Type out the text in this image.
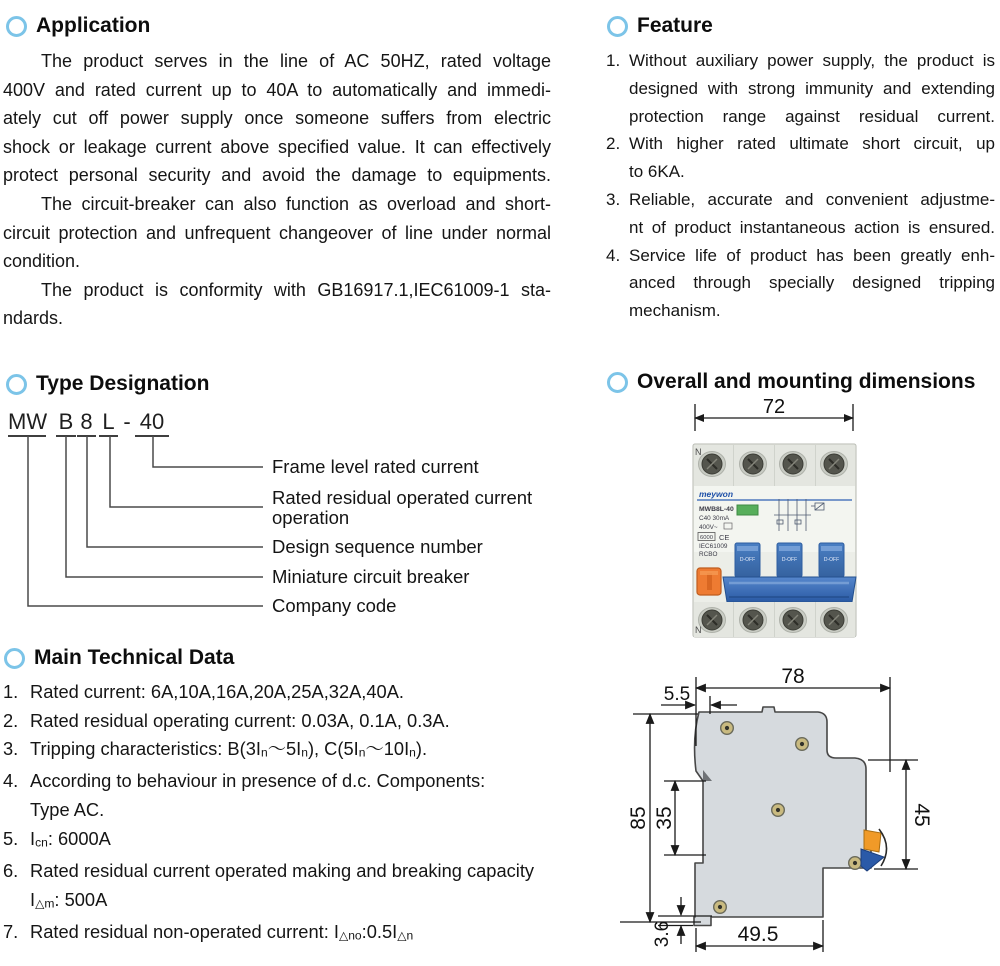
Application
The product serves in the line of AC 50HZ, rated voltage
400V and rated current up to 40A to automatically and immedi-
ately cut off power supply once someone suffers from electric
shock or leakage current above specified value. It can effectively
protect personal security and avoid the damage to equipments.
The circuit-breaker can also function as overload and short-
circuit protection and unfrequent changeover of line under normal
condition.
The product is conformity with GB16917.1,IEC61009-1 sta-
ndards.
Feature
1. Without auxiliary power supply, the product is
designed with strong immunity and extending
protection range against residual current.
2. With higher rated ultimate short circuit, up
to 6KA.
3. Reliable, accurate and convenient adjustme-
nt of product instantaneous action is ensured.
4. Service life of product has been greatly enh-
anced through specially designed tripping
mechanism.
Type Designation
MW B 8 L - 40
Frame level rated current
Rated residual operated current
operation
Design sequence number
Miniature circuit breaker
Company code
Overall and mounting dimensions
72
N
meywon
MWB8L-40
C40 30mA
400V~
6000 CE
IEC61009
RCBO
D-OFF	D-OFF	D-OFF
N
Main Technical Data
1. Rated current: 6A,10A,16A,20A,25A,32A,40A.
2. Rated residual operating current: 0.03A, 0.1A, 0.3A.
3. Tripping characteristics: B(3In～5In), C(5In～10In).
4. According to behaviour in presence of d.c. Components:
Type AC.
5. Icn: 6000A
6. Rated residual current operated making and breaking capacity
I△m: 500A
7. Rated residual non-operated current: I△no:0.5I△n
78
5.5
85 35	45
3.6	49.5
